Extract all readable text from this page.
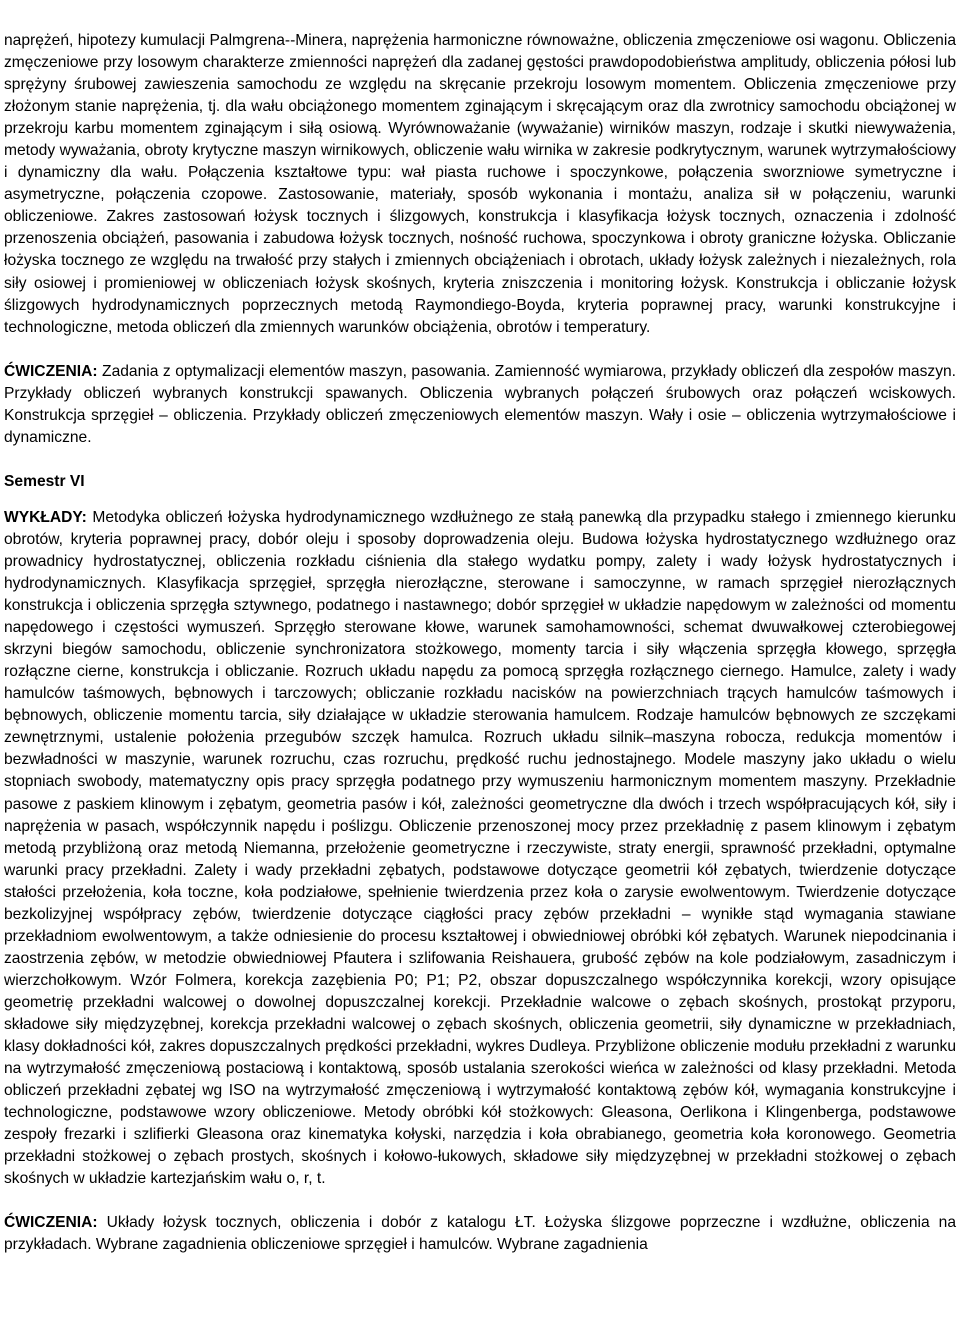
naprężeń, hipotezy kumulacji Palmgrena--Minera, naprężenia harmoniczne równoważne, obliczenia zmęczeniowe osi wagonu. Obliczenia zmęczeniowe przy losowym charakterze zmienności naprężeń dla zadanej gęstości prawdopodobieństwa amplitudy, obliczenia półosi lub sprężyny śrubowej zawieszenia samochodu ze względu na skręcanie przekroju losowym momentem. Obliczenia zmęczeniowe przy złożonym stanie naprężenia, tj. dla wału obciążonego momentem zginającym i skręcającym oraz dla zwrotnicy samochodu obciążonej w przekroju karbu momentem zginającym i siłą osiową. Wyrównoważanie (wyważanie) wirników maszyn, rodzaje i skutki niewyważenia, metody wyważania, obroty krytyczne maszyn wirnikowych, obliczenie wału wirnika w zakresie podkrytycznym, warunek wytrzymałościowy i dynamiczny dla wału. Połączenia kształtowe typu: wał piasta ruchowe i spoczynkowe, połączenia sworzniowe symetryczne i asymetryczne, połączenia czopowe. Zastosowanie, materiały, sposób wykonania i montażu, analiza sił w połączeniu, warunki obliczeniowe. Zakres zastosowań łożysk tocznych i ślizgowych, konstrukcja i klasyfikacja łożysk tocznych, oznaczenia i zdolność przenoszenia obciążeń, pasowania i zabudowa łożysk tocznych, nośność ruchowa, spoczynkowa i obroty graniczne łożyska. Obliczanie łożyska tocznego ze względu na trwałość przy stałych i zmiennych obciążeniach i obrotach, układy łożysk zależnych i niezależnych, rola siły osiowej i promieniowej w obliczeniach łożysk skośnych, kryteria zniszczenia i monitoring łożysk. Konstrukcja i obliczanie łożysk ślizgowych hydrodynamicznych poprzecznych metodą Raymondiego-Boyda, kryteria poprawnej pracy, warunki konstrukcyjne i technologiczne, metoda obliczeń dla zmiennych warunków obciążenia, obrotów i temperatury.

ĆWICZENIA: Zadania z optymalizacji elementów maszyn, pasowania. Zamienność wymiarowa, przykłady obliczeń dla zespołów maszyn. Przykłady obliczeń wybranych konstrukcji spawanych. Obliczenia wybranych połączeń śrubowych oraz połączeń wciskowych. Konstrukcja sprzęgieł – obliczenia. Przykłady obliczeń zmęczeniowych elementów maszyn. Wały i osie – obliczenia wytrzymałościowe i dynamiczne.

Semestr VI

WYKŁADY: Metodyka obliczeń łożyska hydrodynamicznego wzdłużnego ze stałą panewką dla przypadku stałego i zmiennego kierunku obrotów, kryteria poprawnej pracy, dobór oleju i sposoby doprowadzenia oleju. Budowa łożyska hydrostatycznego wzdłużnego oraz prowadnicy hydrostatycznej, obliczenia rozkładu ciśnienia dla stałego wydatku pompy, zalety i wady łożysk hydrostatycznych i hydrodynamicznych. Klasyfikacja sprzęgieł, sprzęgła nierozłączne, sterowane i samoczynne, w ramach sprzęgieł nierozłącznych konstrukcja i obliczenia sprzęgła sztywnego, podatnego i nastawnego; dobór sprzęgieł w układzie napędowym w zależności od momentu napędowego i częstości wymuszeń. Sprzęgło sterowane kłowe, warunek samohamowności, schemat dwuwałkowej czterobiegowej skrzyni biegów samochodu, obliczenie synchronizatora stożkowego, momenty tarcia i siły włączenia sprzęgła kłowego, sprzęgła rozłączne cierne, konstrukcja i obliczanie. Rozruch układu napędu za pomocą sprzęgła rozłącznego ciernego. Hamulce, zalety i wady hamulców taśmowych, bębnowych i tarczowych; obliczanie rozkładu nacisków na powierzchniach trących hamulców taśmowych i bębnowych, obliczenie momentu tarcia, siły działające w układzie sterowania hamulcem. Rodzaje hamulców bębnowych ze szczękami zewnętrznymi, ustalenie położenia przegubów szczęk hamulca. Rozruch układu silnik–maszyna robocza, redukcja momentów i bezwładności w maszynie, warunek rozruchu, czas rozruchu, prędkość ruchu jednostajnego. Modele maszyny jako układu o wielu stopniach swobody, matematyczny opis pracy sprzęgła podatnego przy wymuszeniu harmonicznym momentem maszyny. Przekładnie pasowe z paskiem klinowym i zębatym, geometria pasów i kół, zależności geometryczne dla dwóch i trzech współpracujących kół, siły i naprężenia w pasach, współczynnik napędu i poślizgu. Obliczenie przenoszonej mocy przez przekładnię z pasem klinowym i zębatym metodą przybliżoną oraz metodą Niemanna, przełożenie geometryczne i rzeczywiste, straty energii, sprawność przekładni, optymalne warunki pracy przekładni. Zalety i wady przekładni zębatych, podstawowe dotyczące geometrii kół zębatych, twierdzenie dotyczące stałości przełożenia, koła toczne, koła podziałowe, spełnienie twierdzenia przez koła o zarysie ewolwentowym. Twierdzenie dotyczące bezkolizyjnej współpracy zębów, twierdzenie dotyczące ciągłości pracy zębów przekładni – wynikłe stąd wymagania stawiane przekładniom ewolwentowym, a także odniesienie do procesu kształtowej i obwiedniowej obróbki kół zębatych. Warunek niepodcinania i zaostrzenia zębów, w metodzie obwiedniowej Pfautera i szlifowania Reishauera, grubość zębów na kole podziałowym, zasadniczym i wierzchołkowym. Wzór Folmera, korekcja zazębienia P0; P1; P2, obszar dopuszczalnego współczynnika korekcji, wzory opisujące geometrię przekładni walcowej o dowolnej dopuszczalnej korekcji. Przekładnie walcowe o zębach skośnych, prostokąt przyporu, składowe siły międzyzębnej, korekcja przekładni walcowej o zębach skośnych, obliczenia geometrii, siły dynamiczne w przekładniach, klasy dokładności kół, zakres dopuszczalnych prędkości przekładni, wykres Dudleya. Przybliżone obliczenie modułu przekładni z warunku na wytrzymałość zmęczeniową postaciową i kontaktową, sposób ustalania szerokości wieńca w zależności od klasy przekładni. Metoda obliczeń przekładni zębatej wg ISO na wytrzymałość zmęczeniową i wytrzymałość kontaktową zębów kół, wymagania konstrukcyjne i technologiczne, podstawowe wzory obliczeniowe. Metody obróbki kół stożkowych: Gleasona, Oerlikona i Klingenberga, podstawowe zespoły frezarki i szlifierki Gleasona oraz kinematyka kołyski, narzędzia i koła obrabianego, geometria koła koronowego. Geometria przekładni stożkowej o zębach prostych, skośnych i kołowo-łukowych, składowe siły międzyzębnej w przekładni stożkowej o zębach skośnych w układzie kartezjańskim wału o, r, t.

ĆWICZENIA: Układy łożysk tocznych, obliczenia i dobór z katalogu ŁT. Łożyska ślizgowe poprzeczne i wzdłużne, obliczenia na przykładach. Wybrane zagadnienia obliczeniowe sprzęgieł i hamulców. Wybrane zagadnienia
